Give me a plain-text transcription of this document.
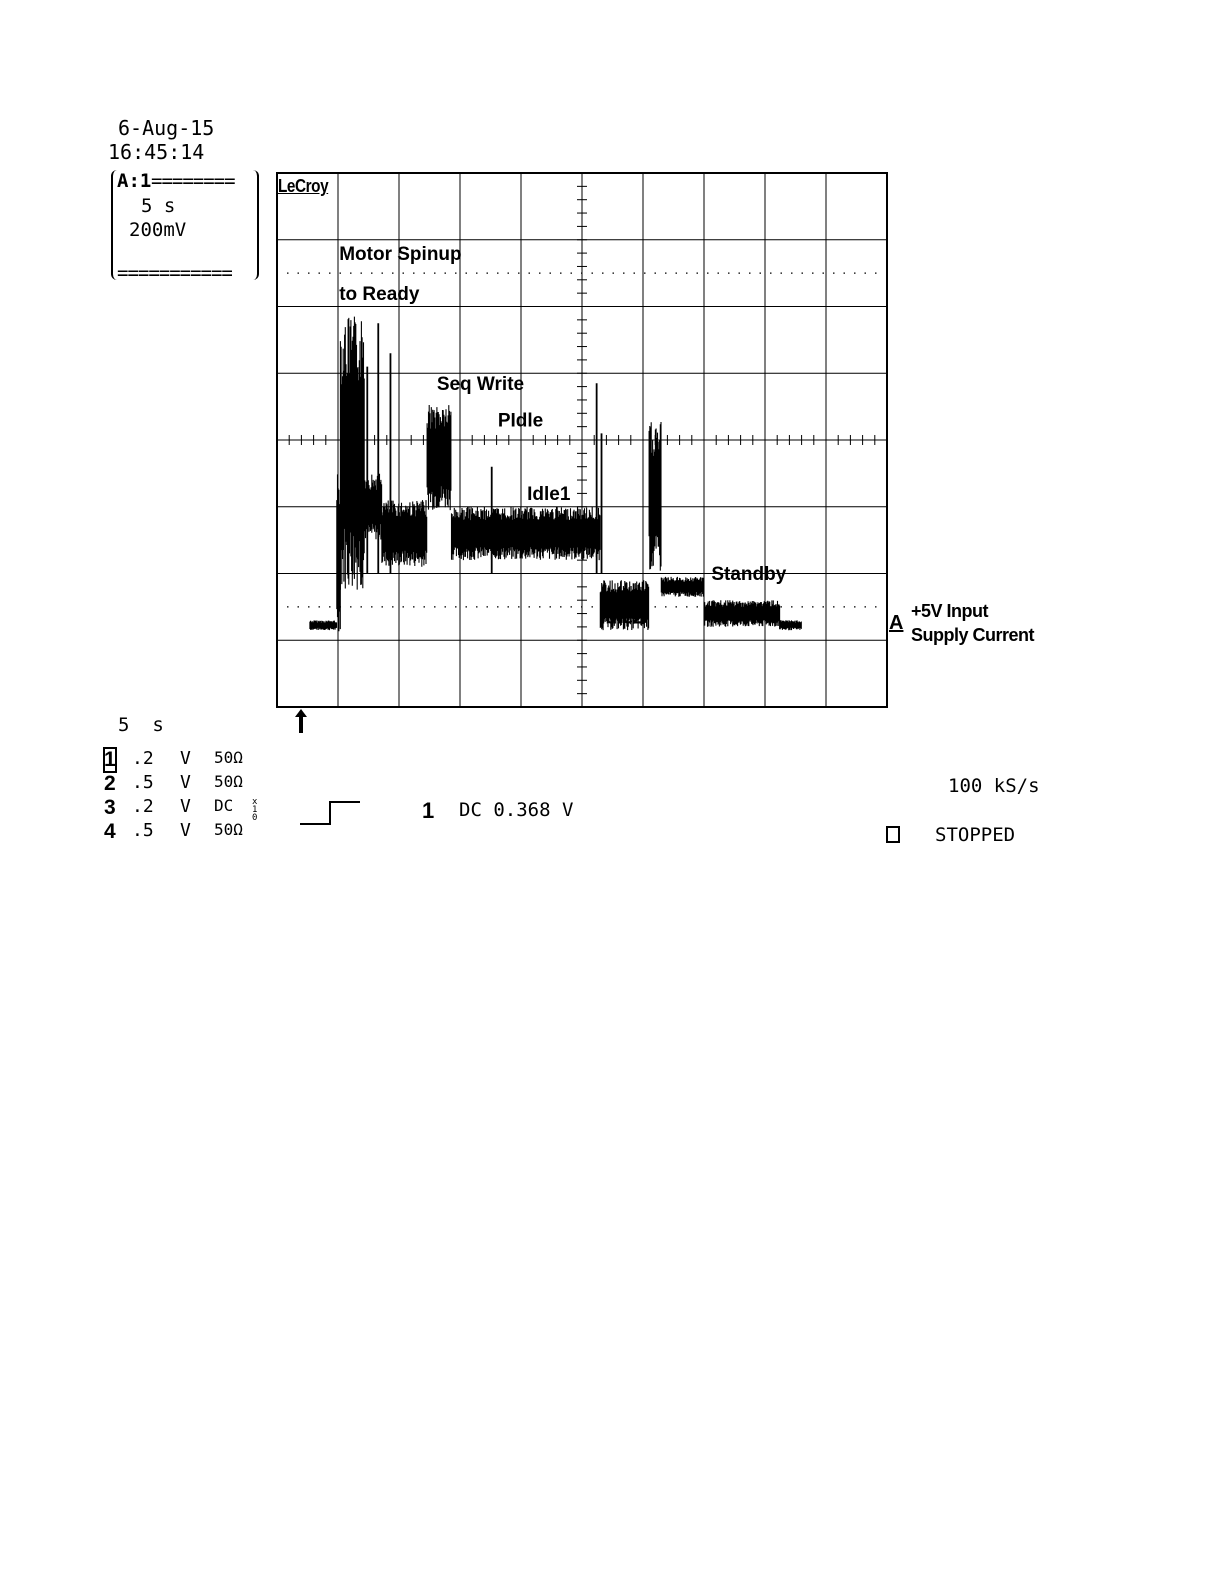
6-Aug-15
16:45:14
A:1 ========
5 s
200mV
===========
Motor Spinup
to Ready
Seq Write
PIdle
Idle1
Idle2
Standby
LeCroy
A
+5V Input
Supply Current
5  s
1 .2 V 50Ω
2 .5 V 50Ω
3 .2 V DC x10
4 .5 V 50Ω
1 DC 0.368 V
100 kS/s
STOPPED
